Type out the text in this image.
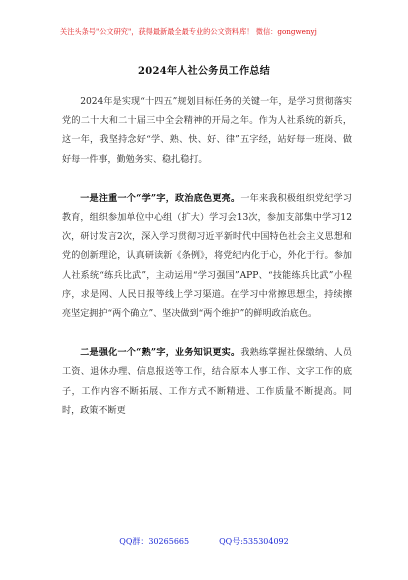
关注头条号"公文研究"，获得最新最全最专业的公文资料库！ 微信：gongwenyj
2024年人社公务员工作总结

2024年是实现“十四五”规划目标任务的关键一年，是学习贯彻落实党的二十大和二十届三中全会精神的开局之年。作为人社系统的新兵，这一年，我坚持念好“学、熟、快、好、律”五字经，站好每一班岗、做好每一件事，勤勉务实、稳扎稳打。

一是注重一个“学”字，政治底色更亮。一年来我积极组织党纪学习教育，组织参加单位中心组（扩大）学习会13次，参加支部集中学习12次，研讨发言2次，深入学习贯彻习近平新时代中国特色社会主义思想和党的创新理论，认真研读新《条例》，将党纪内化于心，外化于行。参加人社系统“练兵比武”，主动运用“学习强国”APP、“技能练兵比武”小程序，求是网、人民日报等线上学习渠道。在学习中常擦思想尘，持续擦亮坚定拥护“两个确立”、坚决做到“两个维护”的鲜明政治底色。

二是强化一个“熟”字，业务知识更实。我熟练掌握社保缴纳、人员工资、退休办理、信息报送等工作，结合原本人事工作、文字工作的底子，工作内容不断拓展、工作方式不断精进、工作质量不断提高。同时，政策不断更

QQ群：30265665	QQ号:535304092
